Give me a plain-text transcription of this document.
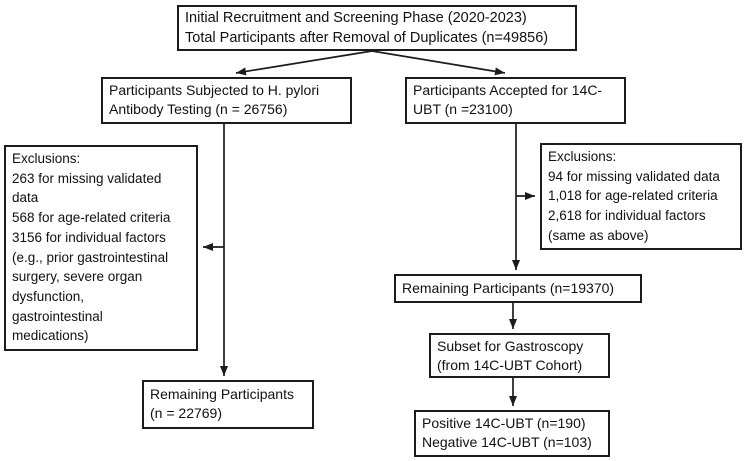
Initial Recruitment and Screening Phase (2020-2023)
Total Participants after Removal of Duplicates (n=49856)
Participants Subjected to H. pylori
Antibody Testing (n = 26756)
Participants Accepted for 14C-
UBT (n =23100)
Exclusions:
263 for missing validated
data
568 for age-related criteria
3156 for individual factors
(e.g., prior gastrointestinal
surgery, severe organ
dysfunction,
gastrointestinal
medications)
Exclusions:
94 for missing validated data
1,018 for age-related criteria
2,618 for individual factors
(same as above)
Remaining Participants (n=19370)
Subset for Gastroscopy
(from 14C-UBT Cohort)
Remaining Participants
(n = 22769)
Positive 14C-UBT (n=190)
Negative 14C-UBT (n=103)
